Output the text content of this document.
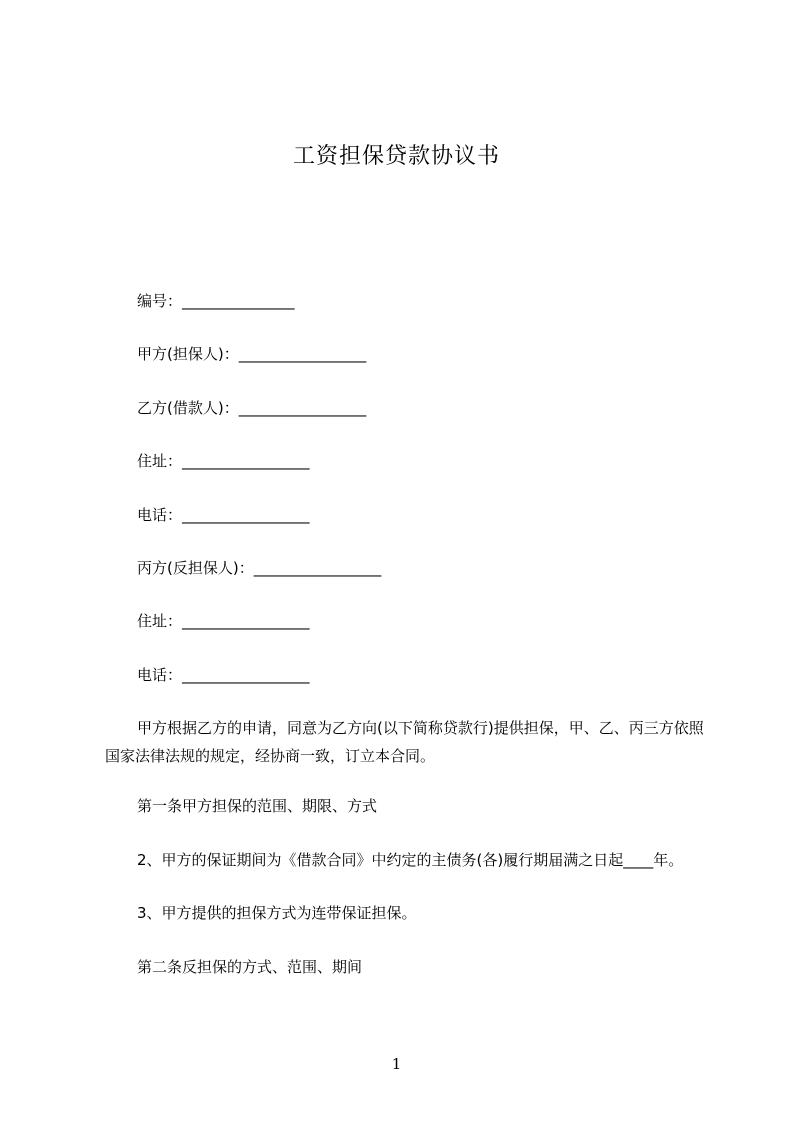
工资担保贷款协议书
编号：_______________
甲方(担保人)：_________________
乙方(借款人)：_________________
住址：_________________
电话：_________________
丙方(反担保人)：_________________
住址：_________________
电话：_________________
甲方根据乙方的申请，同意为乙方向(以下简称贷款行)提供担保，甲、乙、丙三方依照国家法律法规的规定，经协商一致，订立本合同。
第一条甲方担保的范围、期限、方式
2、甲方的保证期间为《借款合同》中约定的主债务(各)履行期届满之日起____年。
3、甲方提供的担保方式为连带保证担保。
第二条反担保的方式、范围、期间
1
